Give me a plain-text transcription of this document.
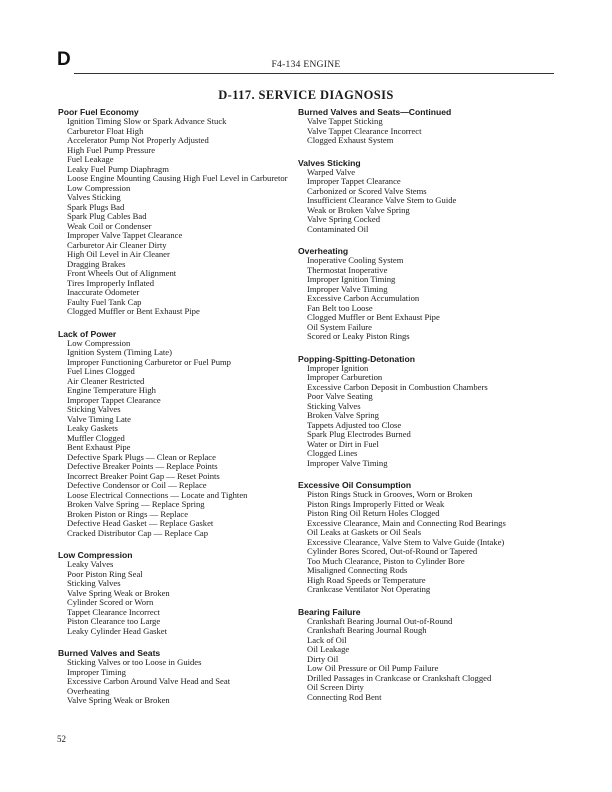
D	F4-134 ENGINE
D-117. SERVICE DIAGNOSIS
Poor Fuel Economy
Ignition Timing Slow or Spark Advance Stuck
Carburetor Float High
Accelerator Pump Not Properly Adjusted
High Fuel Pump Pressure
Fuel Leakage
Leaky Fuel Pump Diaphragm
Loose Engine Mounting Causing High Fuel Level in Carburetor
Low Compression
Valves Sticking
Spark Plugs Bad
Spark Plug Cables Bad
Weak Coil or Condenser
Improper Valve Tappet Clearance
Carburetor Air Cleaner Dirty
High Oil Level in Air Cleaner
Dragging Brakes
Front Wheels Out of Alignment
Tires Improperly Inflated
Inaccurate Odometer
Faulty Fuel Tank Cap
Clogged Muffler or Bent Exhaust Pipe
Lack of Power
Low Compression
Ignition System (Timing Late)
Improper Functioning Carburetor or Fuel Pump
Fuel Lines Clogged
Air Cleaner Restricted
Engine Temperature High
Improper Tappet Clearance
Sticking Valves
Valve Timing Late
Leaky Gaskets
Muffler Clogged
Bent Exhaust Pipe
Defective Spark Plugs — Clean or Replace
Defective Breaker Points — Replace Points
Incorrect Breaker Point Gap — Reset Points
Defective Condensor or Coil — Replace
Loose Electrical Connections — Locate and Tighten
Broken Valve Spring — Replace Spring
Broken Piston or Rings — Replace
Defective Head Gasket — Replace Gasket
Cracked Distributor Cap — Replace Cap
Low Compression
Leaky Valves
Poor Piston Ring Seal
Sticking Valves
Valve Spring Weak or Broken
Cylinder Scored or Worn
Tappet Clearance Incorrect
Piston Clearance too Large
Leaky Cylinder Head Gasket
Burned Valves and Seats
Sticking Valves or too Loose in Guides
Improper Timing
Excessive Carbon Around Valve Head and Seat
Overheating
Valve Spring Weak or Broken
Burned Valves and Seats—Continued
Valve Tappet Sticking
Valve Tappet Clearance Incorrect
Clogged Exhaust System
Valves Sticking
Warped Valve
Improper Tappet Clearance
Carbonized or Scored Valve Stems
Insufficient Clearance Valve Stem to Guide
Weak or Broken Valve Spring
Valve Spring Cocked
Contaminated Oil
Overheating
Inoperative Cooling System
Thermostat Inoperative
Improper Ignition Timing
Improper Valve Timing
Excessive Carbon Accumulation
Fan Belt too Loose
Clogged Muffler or Bent Exhaust Pipe
Oil System Failure
Scored or Leaky Piston Rings
Popping-Spitting-Detonation
Improper Ignition
Improper Carburetion
Excessive Carbon Deposit in Combustion Chambers
Poor Valve Seating
Sticking Valves
Broken Valve Spring
Tappets Adjusted too Close
Spark Plug Electrodes Burned
Water or Dirt in Fuel
Clogged Lines
Improper Valve Timing
Excessive Oil Consumption
Piston Rings Stuck in Grooves, Worn or Broken
Piston Rings Improperly Fitted or Weak
Piston Ring Oil Return Holes Clogged
Excessive Clearance, Main and Connecting Rod Bearings
Oil Leaks at Gaskets or Oil Seals
Excessive Clearance, Valve Stem to Valve Guide (Intake)
Cylinder Bores Scored, Out-of-Round or Tapered
Too Much Clearance, Piston to Cylinder Bore
Misaligned Connecting Rods
High Road Speeds or Temperature
Crankcase Ventilator Not Operating
Bearing Failure
Crankshaft Bearing Journal Out-of-Round
Crankshaft Bearing Journal Rough
Lack of Oil
Oil Leakage
Dirty Oil
Low Oil Pressure or Oil Pump Failure
Drilled Passages in Crankcase or Crankshaft Clogged
Oil Screen Dirty
Connecting Rod Bent
52
